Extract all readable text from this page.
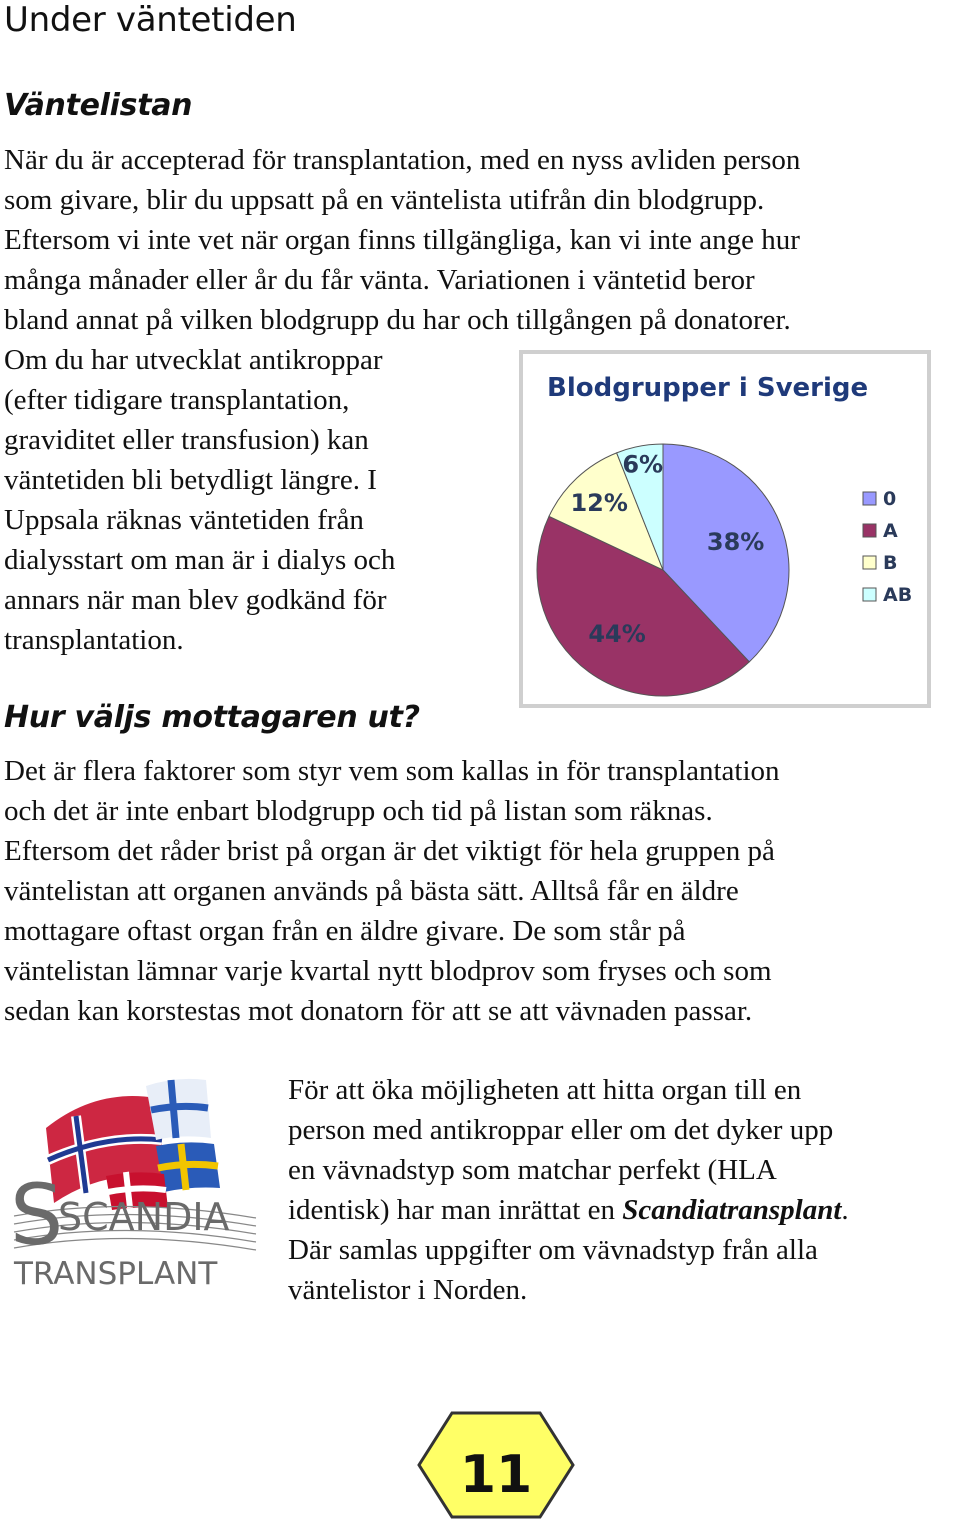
Under väntetiden
Väntelistan

När du är accepterad för transplantation, med en nyss avliden person

som givare, blir du uppsatt på en väntelista utifrån din blodgrupp.

Eftersom vi inte vet när organ finns tillgängliga, kan vi inte ange hur

många månader eller år du får vänta. Variationen i väntetid beror

bland annat på vilken blodgrupp du har och tillgången på donatorer.

Om du har utvecklat antikroppar

(efter tidigare transplantation,

graviditet eller transfusion) kan

väntetiden bli betydligt längre. I

Uppsala räknas väntetiden från

dialysstart om man är i dialys och

annars när man blev godkänd för

transplantation.

Blodgrupper i Sverige
38%
44%
12%
6%
0
A
B
AB
Hur väljs mottagaren ut?

Det är flera faktorer som styr vem som kallas in för transplantation

och det är inte enbart blodgrupp och tid på listan som räknas.

Eftersom det råder brist på organ är det viktigt för hela gruppen på

väntelistan att organen används på bästa sätt. Alltså får en äldre

mottagare oftast organ från en äldre givare. De som står på

väntelistan lämnar varje kvartal nytt blodprov som fryses och som

sedan kan korstestas mot donatorn för att se att vävnaden passar.

S
SCANDIA
TRANSPLANT

För att öka möjligheten att hitta organ till en

person med antikroppar eller om det dyker upp

en vävnadstyp som matchar perfekt (HLA

identisk) har man inrättat en Scandiatransplant.

Där samlas uppgifter om vävnadstyp från alla

väntelistor i Norden.

11
